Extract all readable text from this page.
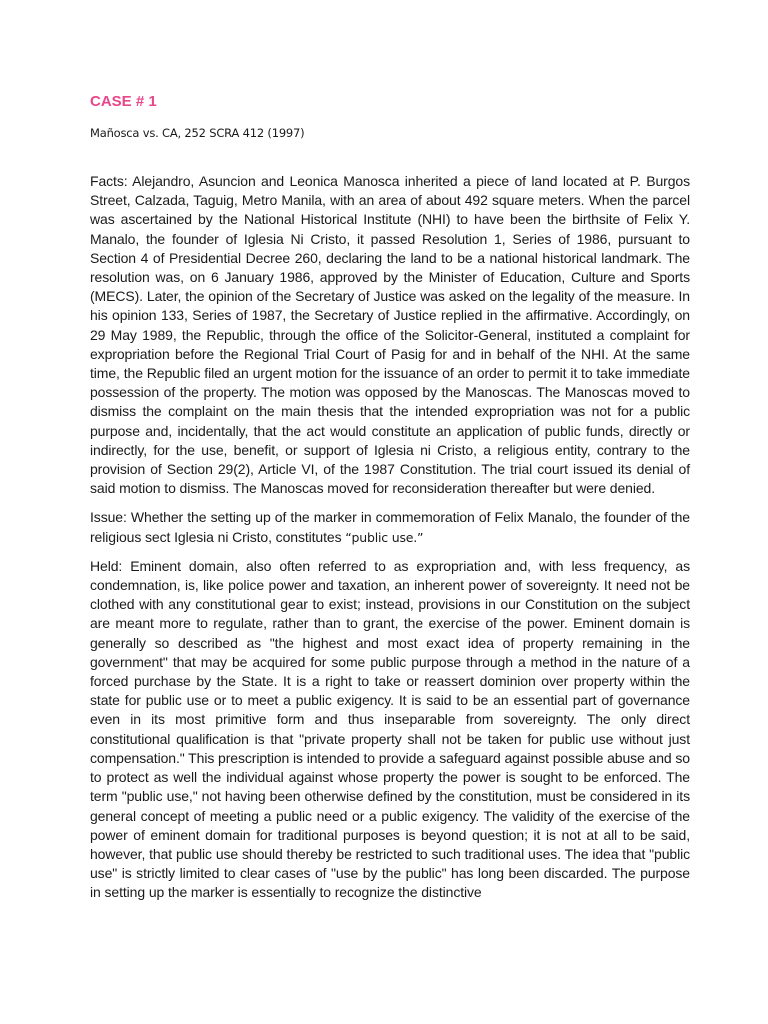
CASE # 1

Mañosca vs. CA, 252 SCRA 412 (1997)

Facts: Alejandro, Asuncion and Leonica Manosca inherited a piece of land located at P. Burgos Street, Calzada, Taguig, Metro Manila, with an area of about 492 square meters. When the parcel was ascertained by the National Historical Institute (NHI) to have been the birthsite of Felix Y. Manalo, the founder of Iglesia Ni Cristo, it passed Resolution 1, Series of 1986, pursuant to Section 4 of Presidential Decree 260, declaring the land to be a national historical landmark. The resolution was, on 6 January 1986, approved by the Minister of Education, Culture and Sports (MECS). Later, the opinion of the Secretary of Justice was asked on the legality of the measure. In his opinion 133, Series of 1987, the Secretary of Justice replied in the affirmative. Accordingly, on 29 May 1989, the Republic, through the office of the Solicitor-General, instituted a complaint for expropriation before the Regional Trial Court of Pasig for and in behalf of the NHI. At the same time, the Republic filed an urgent motion for the issuance of an order to permit it to take immediate possession of the property. The motion was opposed by the Manoscas. The Manoscas moved to dismiss the complaint on the main thesis that the intended expropriation was not for a public purpose and, incidentally, that the act would constitute an application of public funds, directly or indirectly, for the use, benefit, or support of Iglesia ni Cristo, a religious entity, contrary to the provision of Section 29(2), Article VI, of the 1987 Constitution. The trial court issued its denial of said motion to dismiss. The Manoscas moved for reconsideration thereafter but were denied.

Issue: Whether the setting up of the marker in commemoration of Felix Manalo, the founder of the religious sect Iglesia ni Cristo, constitutes “public use.”

Held: Eminent domain, also often referred to as expropriation and, with less frequency, as condemnation, is, like police power and taxation, an inherent power of sovereignty. It need not be clothed with any constitutional gear to exist; instead, provisions in our Constitution on the subject are meant more to regulate, rather than to grant, the exercise of the power. Eminent domain is generally so described as "the highest and most exact idea of property remaining in the government" that may be acquired for some public purpose through a method in the nature of a forced purchase by the State. It is a right to take or reassert dominion over property within the state for public use or to meet a public exigency. It is said to be an essential part of governance even in its most primitive form and thus inseparable from sovereignty. The only direct constitutional qualification is that "private property shall not be taken for public use without just compensation." This prescription is intended to provide a safeguard against possible abuse and so to protect as well the individual against whose property the power is sought to be enforced. The term "public use," not having been otherwise defined by the constitution, must be considered in its general concept of meeting a public need or a public exigency. The validity of the exercise of the power of eminent domain for traditional purposes is beyond question; it is not at all to be said, however, that public use should thereby be restricted to such traditional uses. The idea that "public use" is strictly limited to clear cases of "use by the public" has long been discarded. The purpose in setting up the marker is essentially to recognize the distinctive
